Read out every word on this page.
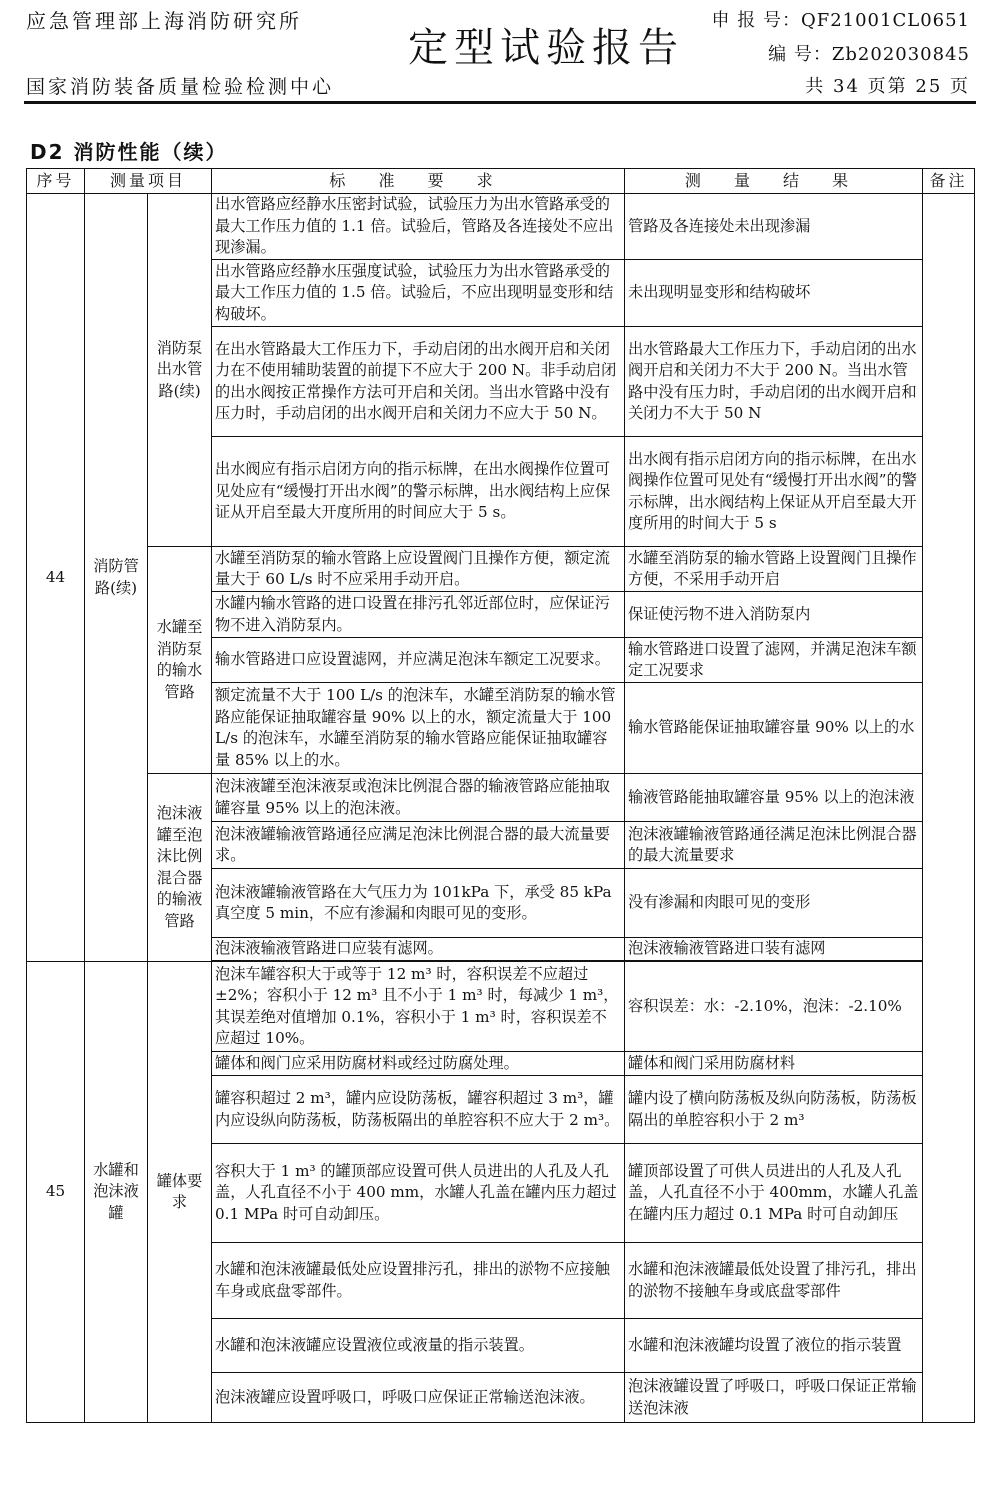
应急管理部上海消防研究所
定型试验报告
申 报 号：QF21001CL0651
编 号：Zb202030845
国家消防装备质量检验检测中心	共 34 页第 25 页
D2 消防性能（续）
序号	测量项目		标 准 要 求	测 量 结 果	备注
44	消防管路(续)	消防泵出水管路(续)	出水管路应经静水压密封试验，试验压力为出水管路承受的最大工作压力值的 1.1 倍。试验后，管路及各连接处不应出现渗漏。	管路及各连接处未出现渗漏	
			出水管路应经静水压强度试验，试验压力为出水管路承受的最大工作压力值的 1.5 倍。试验后，不应出现明显变形和结构破坏。	未出现明显变形和结构破坏	
			在出水管路最大工作压力下，手动启闭的出水阀开启和关闭力在不使用辅助装置的前提下不应大于 200 N。非手动启闭的出水阀按正常操作方法可开启和关闭。当出水管路中没有压力时，手动启闭的出水阀开启和关闭力不应大于 50 N。	出水管路最大工作压力下，手动启闭的出水阀开启和关闭力不大于 200 N。当出水管路中没有压力时，手动启闭的出水阀开启和关闭力不大于 50 N	
			出水阀应有指示启闭方向的指示标牌，在出水阀操作位置可见处应有“缓慢打开出水阀”的警示标牌，出水阀结构上应保证从开启至最大开度所用的时间应大于 5 s。	出水阀有指示启闭方向的指示标牌，在出水阀操作位置可见处有“缓慢打开出水阀”的警示标牌，出水阀结构上保证从开启至最大开度所用的时间大于 5 s	
		水罐至消防泵的输水管路	水罐至消防泵的输水管路上应设置阀门且操作方便，额定流量大于 60 L/s 时不应采用手动开启。	水罐至消防泵的输水管路上设置阀门且操作方便，不采用手动开启	
			水罐内输水管路的进口设置在排污孔邻近部位时，应保证污物不进入消防泵内。	保证使污物不进入消防泵内	
			输水管路进口应设置滤网，并应满足泡沫车额定工况要求。	输水管路进口设置了滤网，并满足泡沫车额定工况要求	
			额定流量不大于 100 L/s 的泡沫车，水罐至消防泵的输水管路应能保证抽取罐容量 90% 以上的水，额定流量大于 100 L/s 的泡沫车，水罐至消防泵的输水管路应能保证抽取罐容量 85% 以上的水。	输水管路能保证抽取罐容量 90% 以上的水	
		泡沫液罐至泡沫比例混合器的输液管路	泡沫液罐至泡沫液泵或泡沫比例混合器的输液管路应能抽取罐容量 95% 以上的泡沫液。	输液管路能抽取罐容量 95% 以上的泡沫液	
			泡沫液罐输液管路通径应满足泡沫比例混合器的最大流量要求。	泡沫液罐输液管路通径满足泡沫比例混合器的最大流量要求	
			泡沫液罐输液管路在大气压力为 101kPa 下，承受 85 kPa 真空度 5 min，不应有渗漏和肉眼可见的变形。	没有渗漏和肉眼可见的变形	
			泡沫液输液管路进口应装有滤网。	泡沫液输液管路进口装有滤网	

45	水罐和泡沫液罐	罐体要求	泡沫车罐容积大于或等于 12 m³ 时，容积误差不应超过 ±2%；容积小于 12 m³ 且不小于 1 m³ 时，每减少 1 m³，其误差绝对值增加 0.1%，容积小于 1 m³ 时，容积误差不应超过 10%。	容积误差：水：-2.10%，泡沫：-2.10%	
			罐体和阀门应采用防腐材料或经过防腐处理。	罐体和阀门采用防腐材料	
			罐容积超过 2 m³，罐内应设防荡板，罐容积超过 3 m³，罐内应设纵向防荡板，防荡板隔出的单腔容积不应大于 2 m³。	罐内设了横向防荡板及纵向防荡板，防荡板隔出的单腔容积小于 2 m³	
			容积大于 1 m³ 的罐顶部应设置可供人员进出的人孔及人孔盖，人孔直径不小于 400 mm，水罐人孔盖在罐内压力超过 0.1 MPa 时可自动卸压。	罐顶部设置了可供人员进出的人孔及人孔盖，人孔直径不小于 400mm，水罐人孔盖在罐内压力超过 0.1 MPa 时可自动卸压	
			水罐和泡沫液罐最低处应设置排污孔，排出的淤物不应接触车身或底盘零部件。	水罐和泡沫液罐最低处设置了排污孔，排出的淤物不接触车身或底盘零部件	
			水罐和泡沫液罐应设置液位或液量的指示装置。	水罐和泡沫液罐均设置了液位的指示装置	
			泡沫液罐应设置呼吸口，呼吸口应保证正常输送泡沫液。	泡沫液罐设置了呼吸口，呼吸口保证正常输送泡沫液	
